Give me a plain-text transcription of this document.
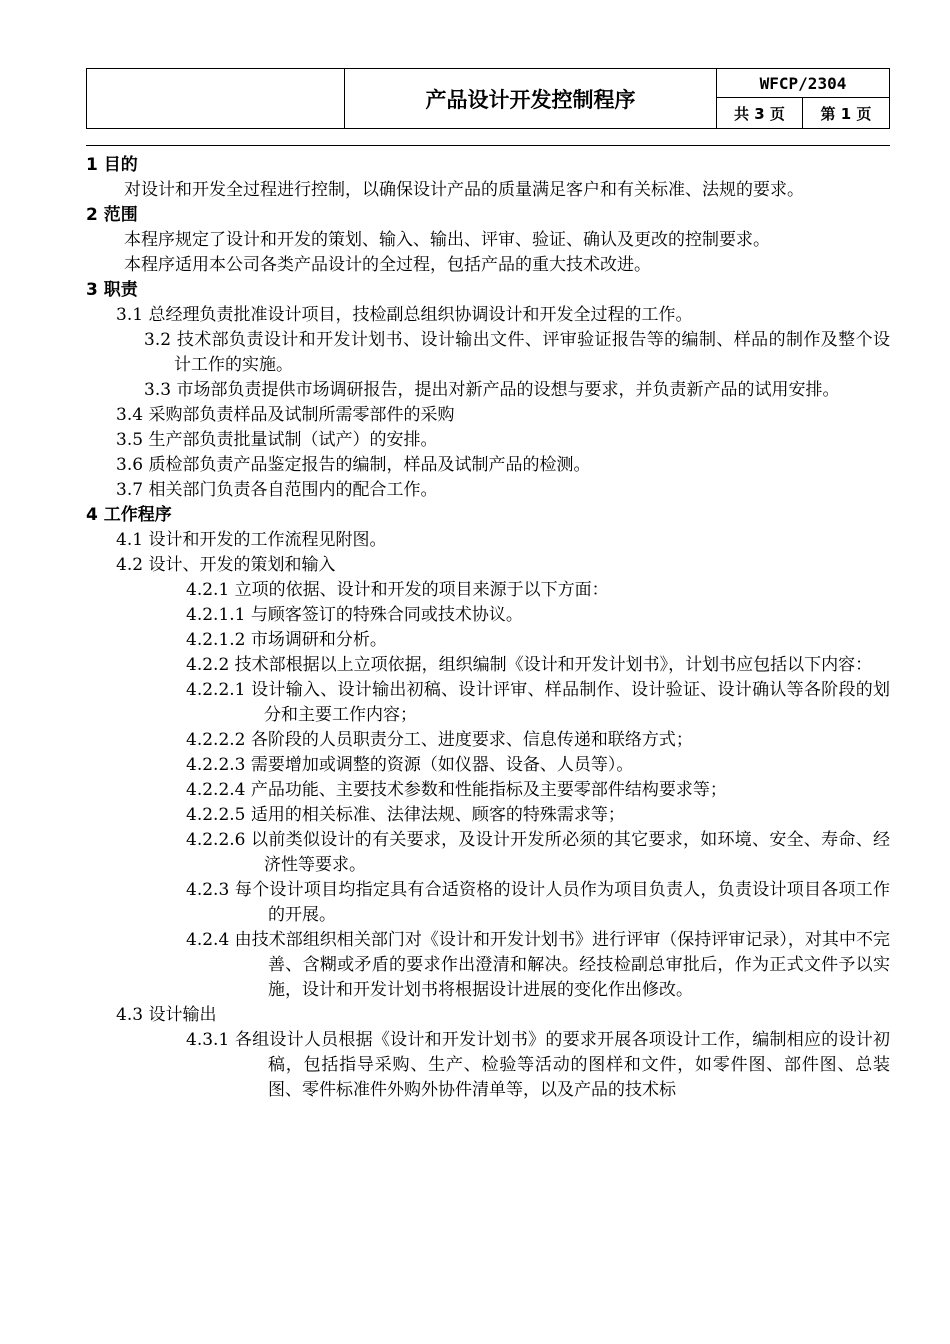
产品设计开发控制程序
WFCP/2304
共 3 页	第 1 页

1 目的

对设计和开发全过程进行控制，以确保设计产品的质量满足客户和有关标准、法规的要求。

2 范围

本程序规定了设计和开发的策划、输入、输出、评审、验证、确认及更改的控制要求。

本程序适用本公司各类产品设计的全过程，包括产品的重大技术改进。

3 职责

3.1 总经理负责批准设计项目，技检副总组织协调设计和开发全过程的工作。

3.2 技术部负责设计和开发计划书、设计输出文件、评审验证报告等的编制、样品的制作及整个设计工作的实施。

3.3 市场部负责提供市场调研报告，提出对新产品的设想与要求，并负责新产品的试用安排。

3.4 采购部负责样品及试制所需零部件的采购

3.5 生产部负责批量试制（试产）的安排。

3.6 质检部负责产品鉴定报告的编制，样品及试制产品的检测。

3.7 相关部门负责各自范围内的配合工作。

4 工作程序

4.1 设计和开发的工作流程见附图。

4.2 设计、开发的策划和输入

4.2.1 立项的依据、设计和开发的项目来源于以下方面：

4.2.1.1 与顾客签订的特殊合同或技术协议。

4.2.1.2 市场调研和分析。

4.2.2 技术部根据以上立项依据，组织编制《设计和开发计划书》，计划书应包括以下内容：

4.2.2.1 设计输入、设计输出初稿、设计评审、样品制作、设计验证、设计确认等各阶段的划分和主要工作内容；

4.2.2.2 各阶段的人员职责分工、进度要求、信息传递和联络方式；

4.2.2.3 需要增加或调整的资源（如仪器、设备、人员等）。

4.2.2.4 产品功能、主要技术参数和性能指标及主要零部件结构要求等；

4.2.2.5 适用的相关标准、法律法规、顾客的特殊需求等；

4.2.2.6 以前类似设计的有关要求，及设计开发所必须的其它要求，如环境、安全、寿命、经济性等要求。

4.2.3 每个设计项目均指定具有合适资格的设计人员作为项目负责人，负责设计项目各项工作的开展。

4.2.4 由技术部组织相关部门对《设计和开发计划书》进行评审（保持评审记录），对其中不完善、含糊或矛盾的要求作出澄清和解决。经技检副总审批后，作为正式文件予以实施，设计和开发计划书将根据设计进展的变化作出修改。

4.3 设计输出

4.3.1 各组设计人员根据《设计和开发计划书》的要求开展各项设计工作，编制相应的设计初稿，包括指导采购、生产、检验等活动的图样和文件，如零件图、部件图、总装图、零件标准件外购外协件清单等，以及产品的技术标
